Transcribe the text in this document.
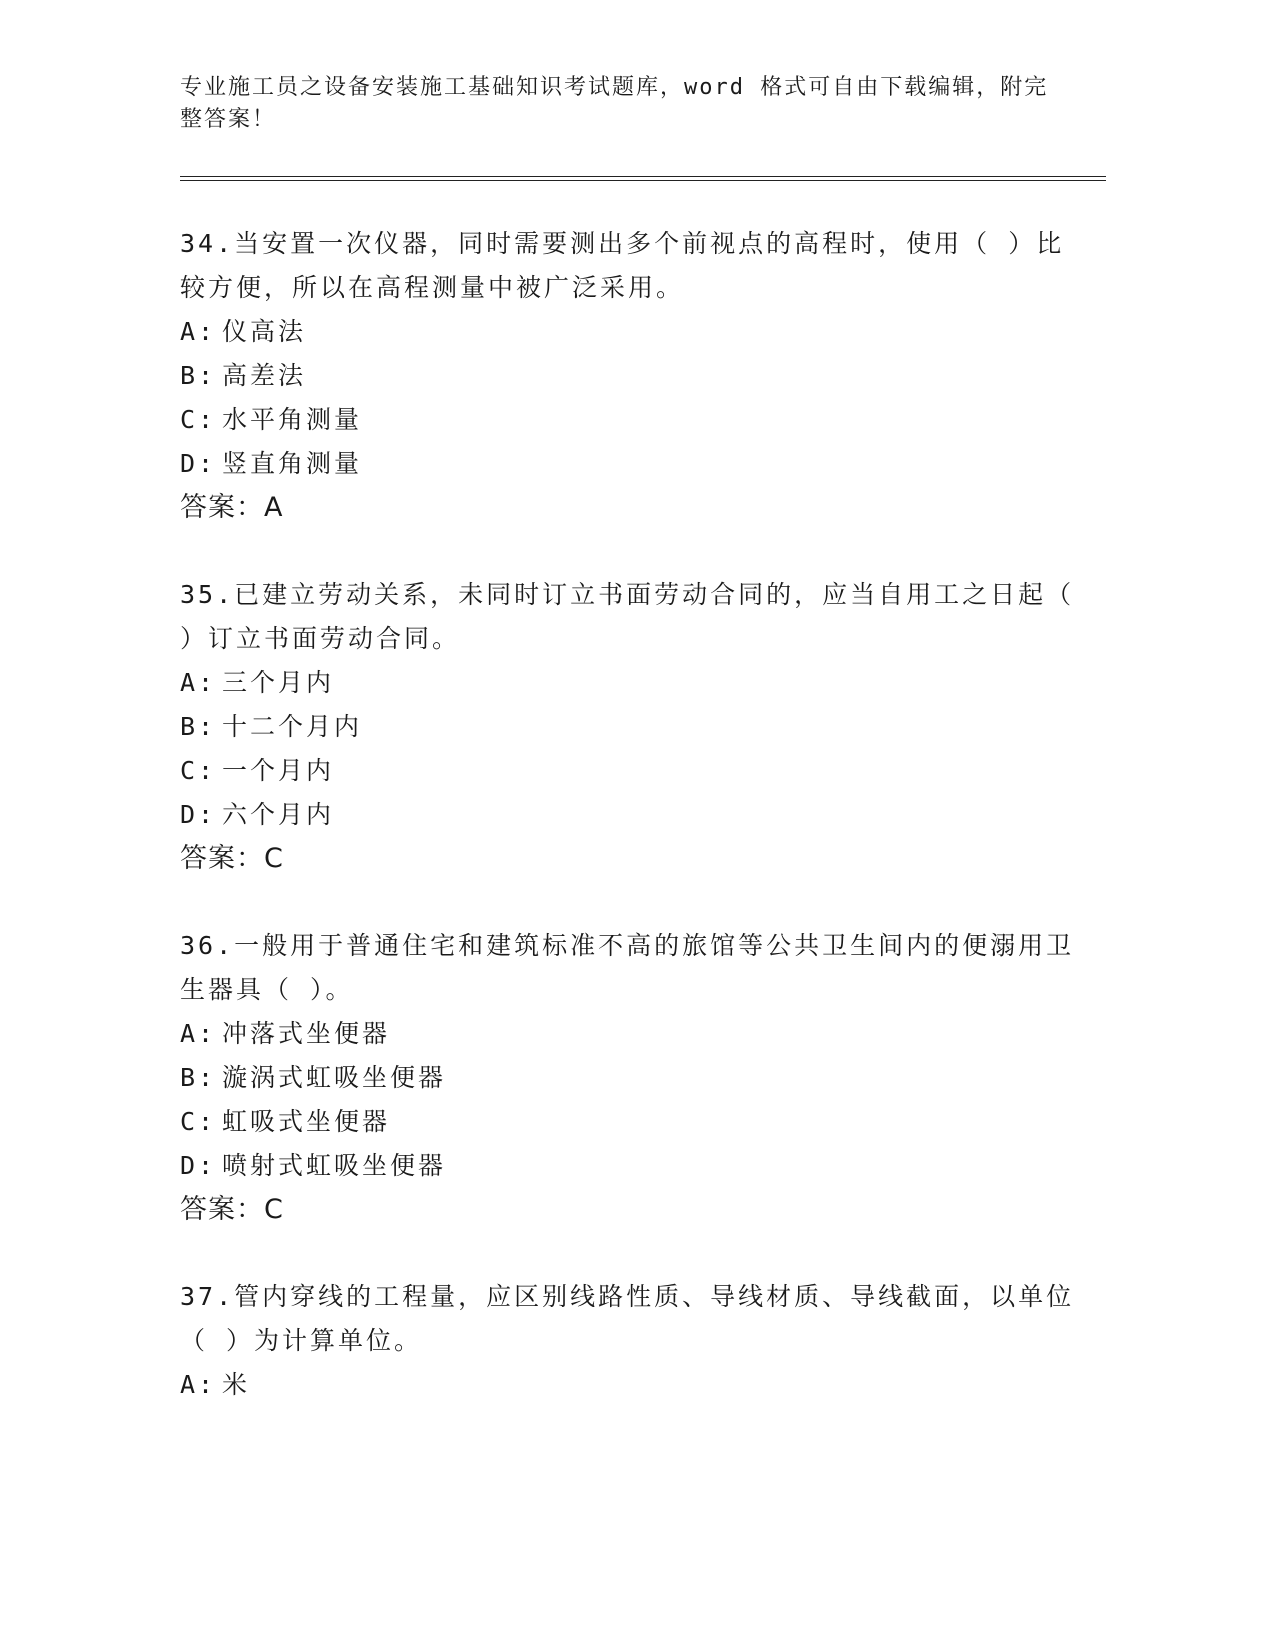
专业施工员之设备安装施工基础知识考试题库，word 格式可自由下载编辑，附完整答案！

34.当安置一次仪器，同时需要测出多个前视点的高程时，使用（ ）比较方便，所以在高程测量中被广泛采用。

A: 仪高法

B: 高差法

C: 水平角测量

D: 竖直角测量

答案：A

35.已建立劳动关系，未同时订立书面劳动合同的，应当自用工之日起（ ）订立书面劳动合同。

A: 三个月内

B: 十二个月内

C: 一个月内

D: 六个月内

答案：C

36.一般用于普通住宅和建筑标准不高的旅馆等公共卫生间内的便溺用卫生器具（ ）。

A: 冲落式坐便器

B: 漩涡式虹吸坐便器

C: 虹吸式坐便器

D: 喷射式虹吸坐便器

答案：C

37.管内穿线的工程量，应区别线路性质、导线材质、导线截面，以单位（ ）为计算单位。

A: 米
